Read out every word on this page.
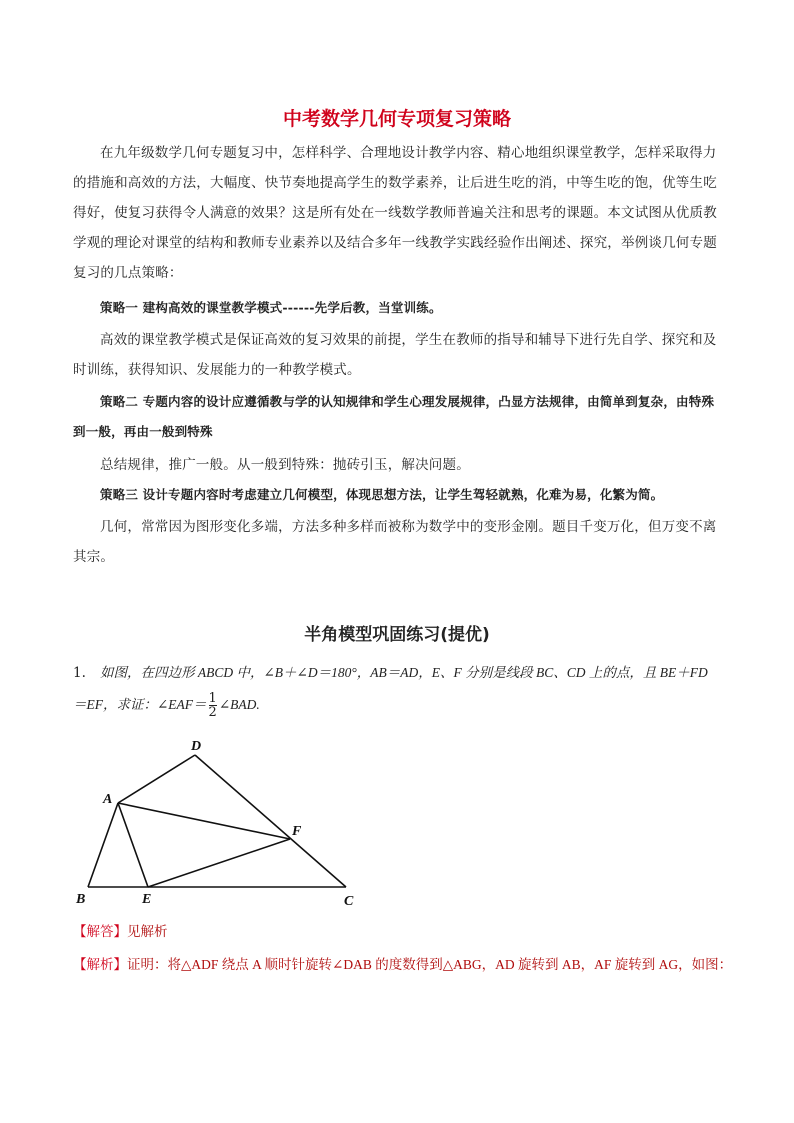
中考数学几何专项复习策略

在九年级数学几何专题复习中，怎样科学、合理地设计教学内容、精心地组织课堂教学，怎样采取得力的措施和高效的方法，大幅度、快节奏地提高学生的数学素养，让后进生吃的消，中等生吃的饱，优等生吃得好，使复习获得令人满意的效果？这是所有处在一线数学教师普遍关注和思考的课题。本文试图从优质教学观的理论对课堂的结构和教师专业素养以及结合多年一线教学实践经验作出阐述、探究，举例谈几何专题复习的几点策略：

策略一 建构高效的课堂教学模式------先学后教，当堂训练。

高效的课堂教学模式是保证高效的复习效果的前提，学生在教师的指导和辅导下进行先自学、探究和及时训练，获得知识、发展能力的一种教学模式。

策略二 专题内容的设计应遵循教与学的认知规律和学生心理发展规律，凸显方法规律，由简单到复杂，由特殊到一般，再由一般到特殊

总结规律，推广一般。从一般到特殊：抛砖引玉，解决问题。

策略三 设计专题内容时考虑建立几何模型，体现思想方法，让学生驾轻就熟，化难为易，化繁为简。

几何，常常因为图形变化多端，方法多种多样而被称为数学中的变形金刚。题目千变万化，但万变不离其宗。

半角模型巩固练习(提优)
1. 如图，在四边形 ABCD 中，∠B＋∠D＝180°，AB＝AD，E、F 分别是线段 BC、CD 上的点，且 BE＋FD
＝EF，求证：∠EAF＝ $\frac{1}{2}$ ∠BAD.
D
A
F
B	E	C
【解答】见解析
【解析】证明：将△ADF 绕点 A 顺时针旋转∠DAB 的度数得到△ABG，AD 旋转到 AB，AF 旋转到 AG，如图：
